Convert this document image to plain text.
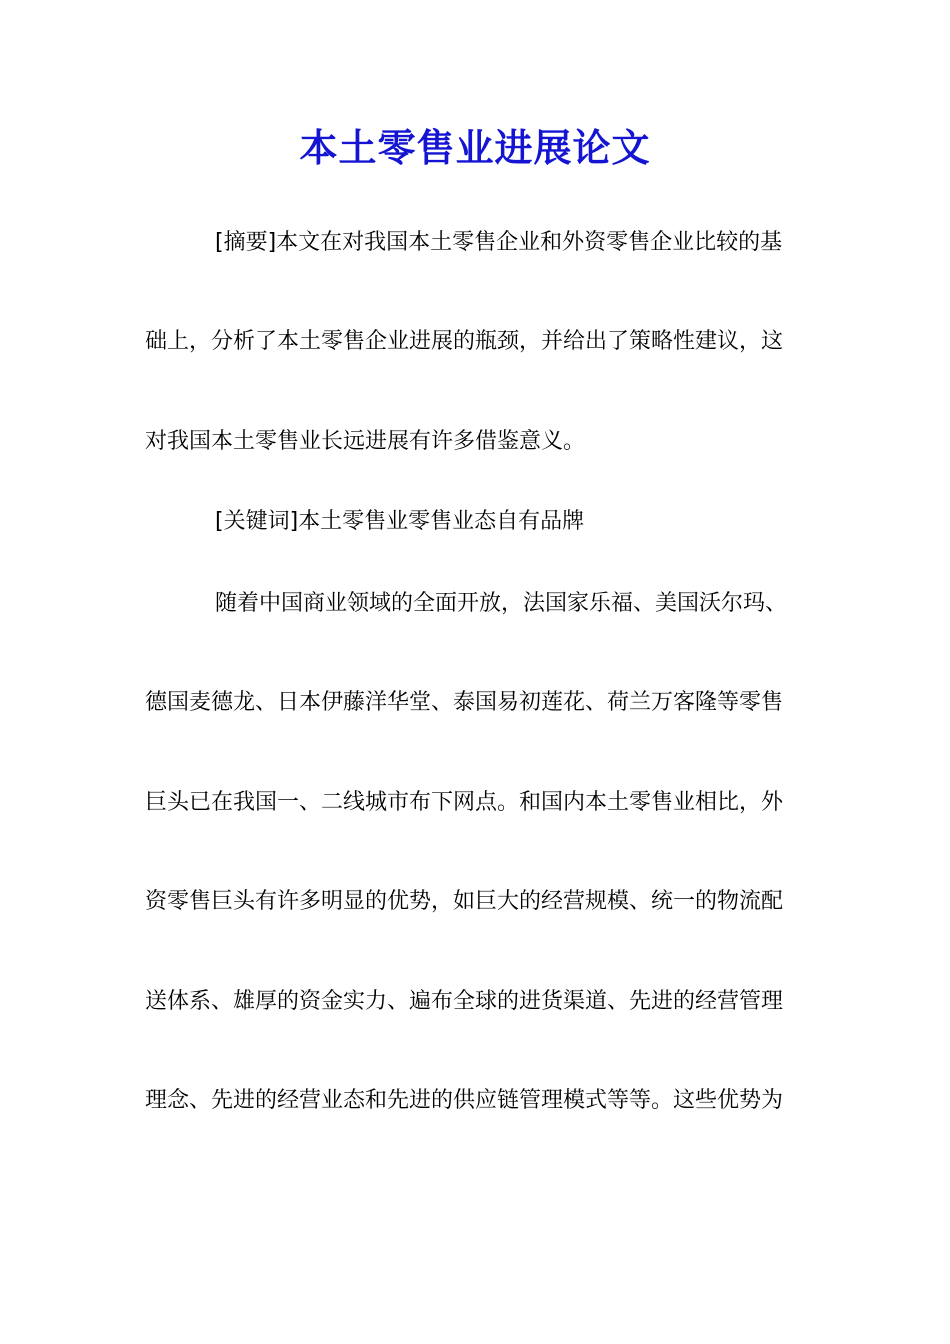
本土零售业进展论文

[摘要]本文在对我国本土零售企业和外资零售企业比较的基

础上，分析了本土零售企业进展的瓶颈，并给出了策略性建议，这

对我国本土零售业长远进展有许多借鉴意义。

[关键词]本土零售业零售业态自有品牌

随着中国商业领域的全面开放，法国家乐福、美国沃尔玛、

德国麦德龙、日本伊藤洋华堂、泰国易初莲花、荷兰万客隆等零售

巨头已在我国一、二线城市布下网点。和国内本土零售业相比，外

资零售巨头有许多明显的优势，如巨大的经营规模、统一的物流配

送体系、雄厚的资金实力、遍布全球的进货渠道、先进的经营管理

理念、先进的经营业态和先进的供应链管理模式等等。这些优势为
